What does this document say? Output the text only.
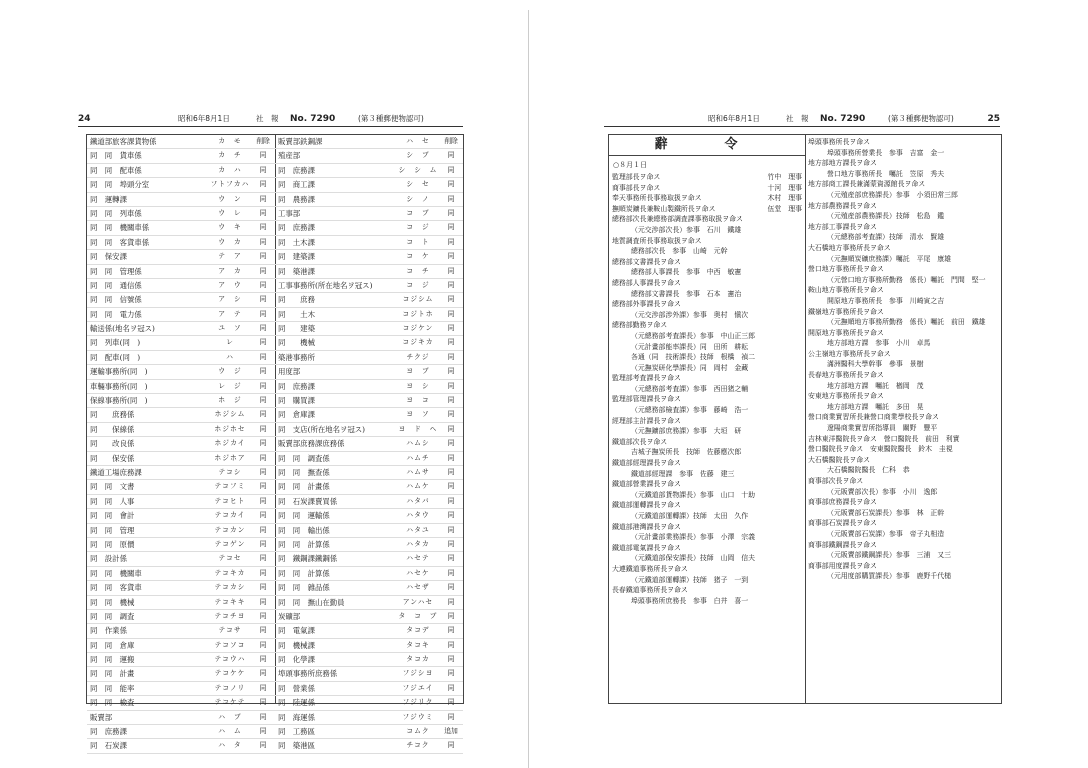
24	昭和6年8月1日	社　報 No. 7290	(第３種郵便物認可)
鐵道部旅客課貨物係	カ　モ	削除
同　同　貨車係	カ　チ	同
同　同　配車係	カ　ハ	同
同　同　埠頭分室	フトフカハ	同
同　運轉課	ウ　ン	同
同　同　列車係	ウ　レ	同
同　同　機關車係	ウ　キ	同
同　同　客貨車係	ウ　カ	同
同　保安課	テ　ア	同
同　同　管理係	ア　カ	同
同　同　通信係	ア　ウ	同
同　同　信號係	ア　シ	同
同　同　電力係	ア　テ	同
輸送係(地名ヲ冠ス)	ユ　ソ	同
同　列車(同　)	レ	同
同　配車(同　)	ハ	同
運輸事務所(同　)	ウ　ジ	同
車輛事務所(同　)	レ　ジ	同
保線事務所(同　)	ホ　ジ	同
同　　庶務係	ホジシム	同
同　　保線係	ホジホセ	同
同　　改良係	ホジカイ	同
同　　保安係	ホジホア	同
鐵道工場庶務課	テコシ	同
同　同　文書	テコフミ	同
同　同　人事	テコヒト	同
同　同　會計	テコカイ	同
同　同　管理	テコカン	同
同　同　原價	テコゲン	同
同　設計係	テコセ	同
同　同　機關車	テコキカ	同
同　同　客貨車	テコカシ	同
同　同　機械	テコキキ	同
同　同　調査	テコチヨ	同
同　作業係	テコサ	同
同　同　倉庫	テコソコ	同
同　同　運搬	テコウハ	同
同　同　計畫	テコケケ	同
同　同　能率	テコノリ	同
同　同　檢査	テコケテ	同
販賣部	ハ　ブ	同
同　庶務課	ハ　ム	同
同　石炭課	ハ　タ	同
販賣部鉄鋼課	ハ　セ	削除
殖産部	シ　ブ	同
同　庶務課	シ　シ　ム	同
同　商工課	シ　セ	同
同　農務課	シ　ノ	同
工事部	コ　ブ	同
同　庶務課	コ　ジ	同
同　土木課	コ　ト	同
同　建築課	コ　ケ	同
同　築港課	コ　チ	同
工事事務所(所在地名ヲ冠ス)	コ　ジ	同
同　　庶務	コジシム	同
同　　土木	コジトホ	同
同　　建築	コジケン	同
同　　機械	コジキカ	同
築港事務所	チクジ	同
用度部	ヨ　ブ	同
同　庶務課	ヨ　シ	同
同　購買課	ヨ　コ	同
同　倉庫課	ヨ　ソ	同
同　支店(所在地名ヲ冠ス)	ヨ　ド　ヘ	同
販賣部庶務課庶務係	ハムシ	同
同　同　調査係	ハムチ	同
同　同　撫查係	ハムサ	同
同　同　計畫係	ハムケ	同
同　石炭課賣買係	ハタバ	同
同　同　運輸係	ハタウ	同
同　同　輸出係	ハタユ	同
同　同　計算係	ハタカ	同
同　鐵鋼課鐵鋼係	ハセテ	同
同　同　計算係	ハセケ	同
同　同　雜品係	ハセザ	同
同　同　撫山在勤員	アンハセ	同
炭礦部	タ　コ　ブ	同
同　電氣課	タコデ	同
同　機械課	タコキ	同
同　化學課	タコカ	同
埠頭事務所庶務係	フジシヨ	同
同　營業係	フジエイ	同
同　陸運係	フジリク	同
同　海運係	フジウミ	同
同　工務區	コムク	追加
同　築港區	チコク	同
昭和6年8月1日	社　報 No. 7290	(第３種郵便物認可)	25
辭　令
○８月１日
監理部長ヲ命ス	竹中　理事
商事部長ヲ命ス	十河　理事
奉天事務所長事務取扱ヲ命ス	木村　理事
撫順炭鑛長兼鞍山製鐵所長ヲ命ス	伍堂　理事
總務部次長兼總務部調査課事務取扱ヲ命ス
（元交渉部次長）参事　石川　鐵雄
地質調査所長事務取扱ヲ命ス
總務部次長　参事　山崎　元幹
總務部文書課長ヲ命ス
總務部人事課長　参事　中西　敏憲
總務部人事課長ヲ命ス
總務部文書課長　参事　石本　憲治
總務部外事課長ヲ命ス
（元交渉部涉外課）参事　奥村　愼次
總務部勤務ヲ命ス
（元總務部考査課長）参事　中山正三郎
（元計畫部能率課長）同　田所　耕耘
各通（同　技術課長）技師　根橋　禎二
（元撫炭研化學課長）同　岡村　金藏
監理部考査課長ヲ命ス
（元總務部考査課）参事　西田猪之輔
監理部管理課長ヲ命ス
（元總務部檢査課）参事　藤崎　浩一
經理部主計課長ヲ命ス
（元撫鑛部庶務課）参事　大垣　研
鐵道部次長ヲ命ス
吉城子撫炭所長　技師　佐藤應次郎
鐵道部經理課長ヲ命ス
鐵道部經理課　参事　佐藤　建三
鐵道部營業課長ヲ命ス
（元鐵道部貨物課長）参事　山口　十助
鐵道部運轉課長ヲ命ス
（元鐵道部運轉課）技師　太田　久作
鐵道部港灣課長ヲ命ス
（元計畫部業務課長）参事　小澤　宗義
鐵道部電氣課長ヲ命ス
（元鐵道部保安課長）技師　山岡　信夫
大連鐵道事務所長ヲ命ス
（元鐵道部運轉課）技師　猪子　一到
長春鐵道事務所長ヲ命ス
埠頭事務所庶務長　参事　白井　喜一
埠頭事務所長ヲ命ス
埠頭事務所營業長　参事　吉富　金一
地方部地方課長ヲ命ス
營口地方事務所長　囑託　笠原　秀夫
地方部商工課長兼滿蒙資源館長ヲ命ス
（元殖産部庶務課長）参事　小須田常三郎
地方部農務課長ヲ命ス
（元殖産部農務課長）技師　松島　鑑
地方部工事課長ヲ命ス
（元總務部考査課）技師　清水　賢雄
大石橋地方事務所長ヲ命ス
（元撫順炭礦庶務課）囑託　平尾　康雄
營口地方事務所長ヲ命ス
（元營口地方事務所勤務　係長）囑託　門間　堅一
鞍山地方事務所長ヲ命ス
開原地方事務所長　参事　川崎寅之吉
鐵嶺地方事務所長ヲ命ス
（元撫順地方事務所勤務　係長）囑託　前田　鐵雄
開原地方事務所長ヲ命ス
地方部地方課　参事　小川　卓馬
公主嶺地方事務所長ヲ命ス
滿洲醫科大學幹事　參事　景樹
長春地方事務所長ヲ命ス
地方部地方課　囑託　楢岡　茂
安東地方事務所長ヲ命ス
地方部地方課　囑託　多田　晃
營口商業實習所長兼營口商業學校長ヲ命ス
遼陽商業實習所指導員　關野　豐平
吉林東洋醫院長ヲ命ス　營口醫院長　前田　利實
營口醫院長ヲ命ス　安東醫院醫長　鈴木　圭視
大石橋醫院長ヲ命ス
大石橋醫院醫長　仁科　恭
商事部次長ヲ命ス
（元販賣部次長）参事　小川　逸郎
商事部庶務課長ヲ命ス
（元販賣部石炭課長）参事　林　正幹
商事部石炭課長ヲ命ス
（元販賣部石炭課）参事　帝子丸相造
商事部鐵鋼課長ヲ命ス
（元販賣部鐵鋼課長）参事　三浦　又三
商事部用度課長ヲ命ス
（元用度部購買課長）参事　鹿野千代槌
